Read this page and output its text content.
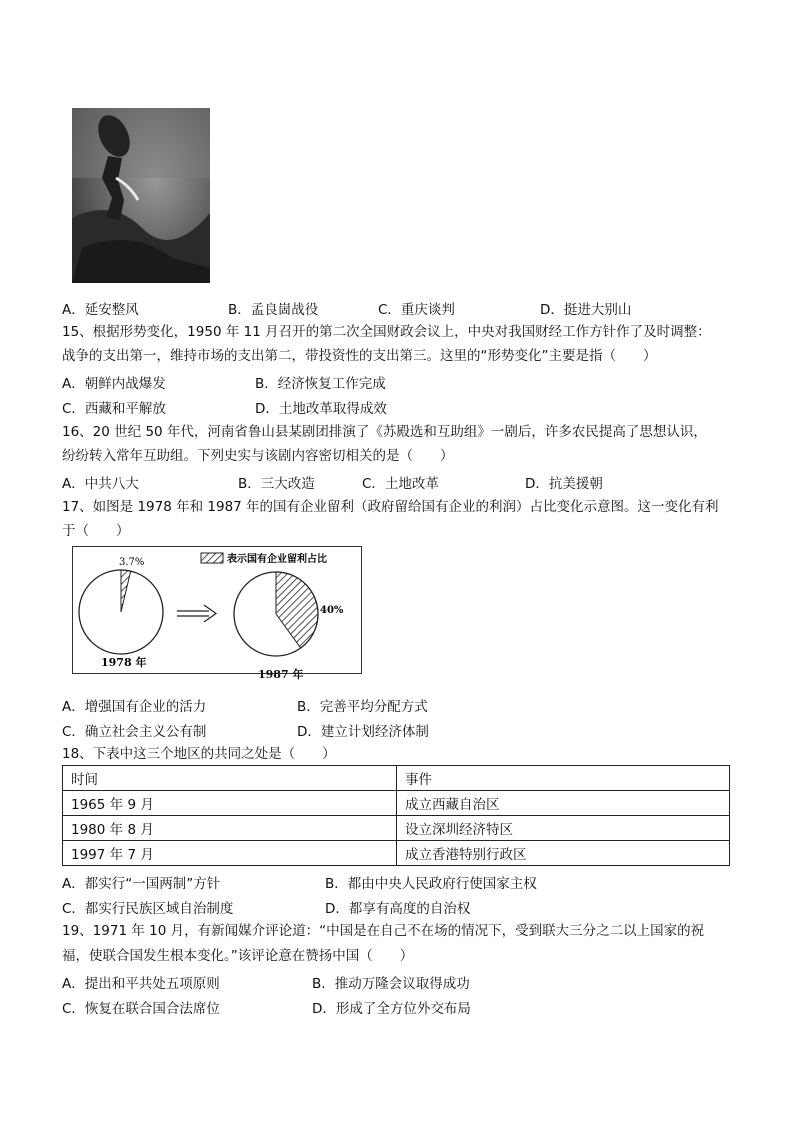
A．延安整风	B．孟良崮战役	C．重庆谈判	D．挺进大别山
15、根据形势变化，1950 年 11 月召开的第二次全国财政会议上，中央对我国财经工作方针作了及时调整：
战争的支出第一，维持市场的支出第二，带投资性的支出第三。这里的“形势变化”主要是指（　　）
A．朝鲜内战爆发	B．经济恢复工作完成
C．西藏和平解放	D．土地改革取得成效
16、20 世纪 50 年代，河南省鲁山县某剧团排演了《苏殿选和互助组》一剧后，许多农民提高了思想认识，
纷纷转入常年互助组。下列史实与该剧内容密切相关的是（　　）
A．中共八大	B．三大改造	C．土地改革	D．抗美援朝
17、如图是 1978 年和 1987 年的国有企业留利（政府留给国有企业的利润）占比变化示意图。这一变化有利
于（　　）
表示国有企业留利占比
3.7%
40%
1978 年
1987 年
A．增强国有企业的活力	B．完善平均分配方式
C．确立社会主义公有制	D．建立计划经济体制
18、下表中这三个地区的共同之处是（　　）
时间	事件
1965 年 9 月	成立西藏自治区
1980 年 8 月	设立深圳经济特区
1997 年 7 月	成立香港特别行政区
A．都实行“一国两制”方针	B．都由中央人民政府行使国家主权
C．都实行民族区域自治制度	D．都享有高度的自治权
19、1971 年 10 月，有新闻媒介评论道：“中国是在自己不在场的情况下，受到联大三分之二以上国家的祝
福，使联合国发生根本变化。”该评论意在赞扬中国（　　）
A．提出和平共处五项原则	B．推动万隆会议取得成功
C．恢复在联合国合法席位	D．形成了全方位外交布局
